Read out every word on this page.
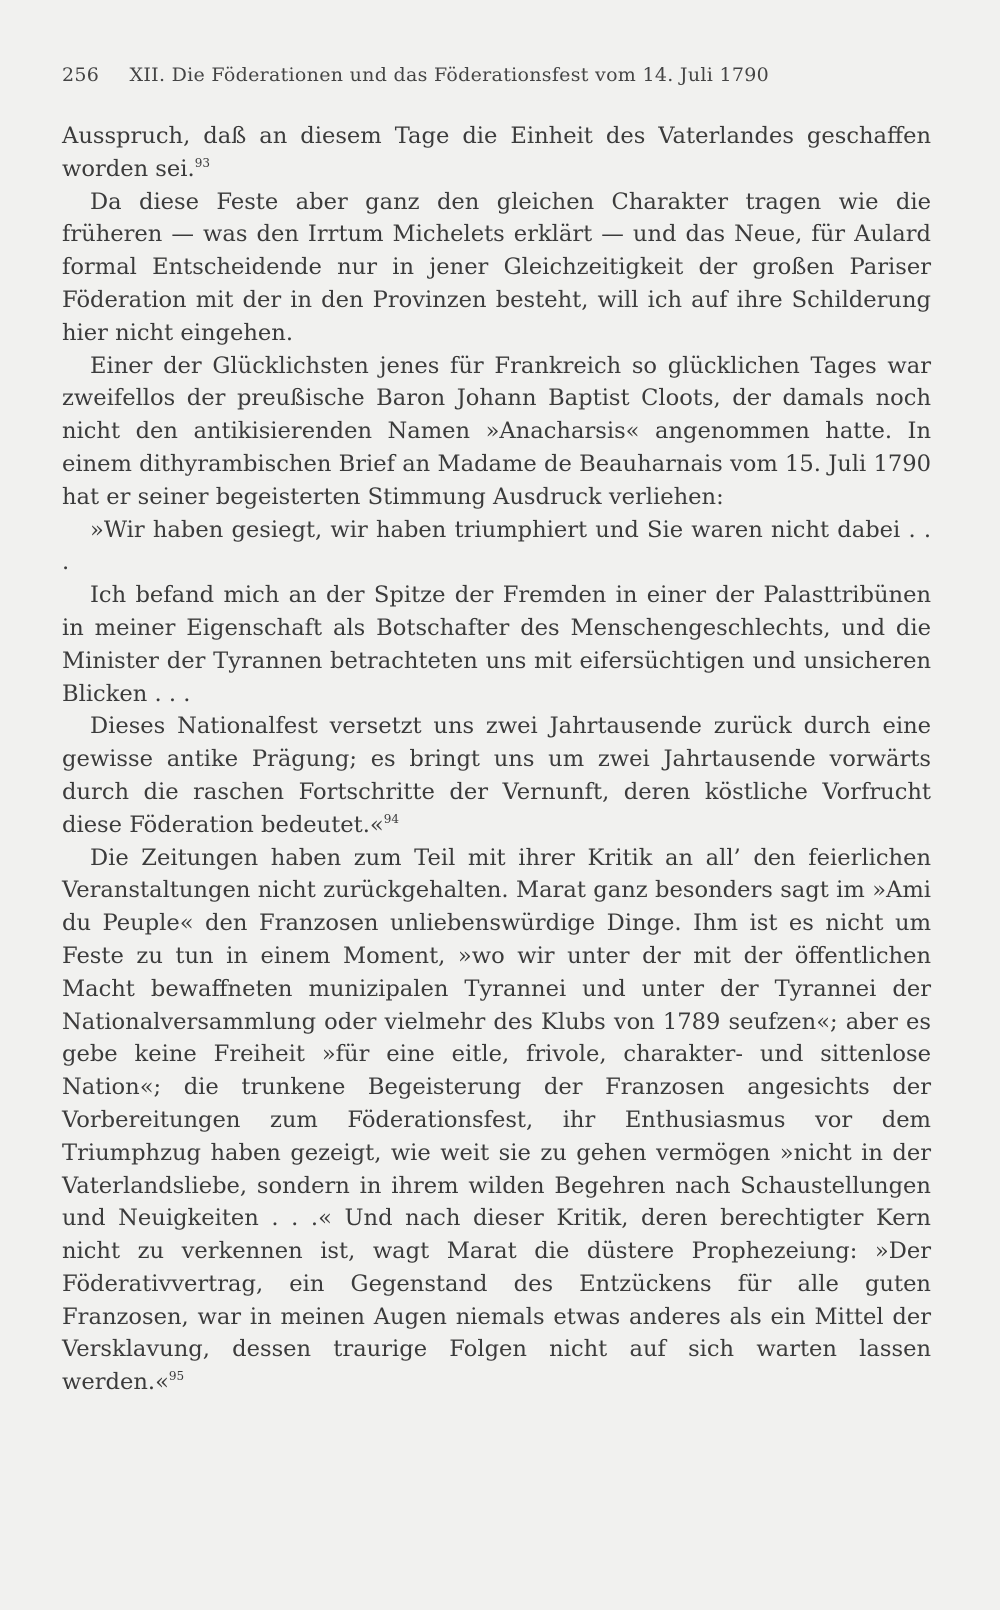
256 XII. Die Föderationen und das Föderationsfest vom 14. Juli 1790

Ausspruch, daß an diesem Tage die Einheit des Vaterlandes geschaffen worden sei.$^{93}$

Da diese Feste aber ganz den gleichen Charakter tragen wie die früheren — was den Irrtum Michelets erklärt — und das Neue, für Aulard formal Entscheidende nur in jener Gleichzeitigkeit der großen Pariser Föderation mit der in den Provinzen besteht, will ich auf ihre Schilderung hier nicht eingehen.

Einer der Glücklichsten jenes für Frankreich so glücklichen Tages war zweifellos der preußische Baron Johann Baptist Cloots, der damals noch nicht den antikisierenden Namen »Anacharsis« angenommen hatte. In einem dithyrambischen Brief an Madame de Beauharnais vom 15. Juli 1790 hat er seiner begeisterten Stimmung Ausdruck verliehen:

»Wir haben gesiegt, wir haben triumphiert und Sie waren nicht dabei . . .

Ich befand mich an der Spitze der Fremden in einer der Palasttribünen in meiner Eigenschaft als Botschafter des Menschengeschlechts, und die Minister der Tyrannen betrachteten uns mit eifersüchtigen und unsicheren Blicken . . .

Dieses Nationalfest versetzt uns zwei Jahrtausende zurück durch eine gewisse antike Prägung; es bringt uns um zwei Jahrtausende vorwärts durch die raschen Fortschritte der Vernunft, deren köstliche Vorfrucht diese Föderation bedeutet.«$^{94}$

Die Zeitungen haben zum Teil mit ihrer Kritik an all’ den feierlichen Veranstaltungen nicht zurückgehalten. Marat ganz besonders sagt im »Ami du Peuple« den Franzosen unliebenswürdige Dinge. Ihm ist es nicht um Feste zu tun in einem Moment, »wo wir unter der mit der öffentlichen Macht bewaffneten munizipalen Tyrannei und unter der Tyrannei der Nationalversammlung oder vielmehr des Klubs von 1789 seufzen«; aber es gebe keine Freiheit »für eine eitle, frivole, charakter- und sittenlose Nation«; die trunkene Begeisterung der Franzosen angesichts der Vorbereitungen zum Föderationsfest, ihr Enthusiasmus vor dem Triumphzug haben gezeigt, wie weit sie zu gehen vermögen »nicht in der Vaterlandsliebe, sondern in ihrem wilden Begehren nach Schaustellungen und Neuigkeiten . . .« Und nach dieser Kritik, deren berechtigter Kern nicht zu verkennen ist, wagt Marat die düstere Prophezeiung: »Der Föderativvertrag, ein Gegenstand des Entzückens für alle guten Franzosen, war in meinen Augen niemals etwas anderes als ein Mittel der Versklavung, dessen traurige Folgen nicht auf sich warten lassen werden.«$^{95}$
